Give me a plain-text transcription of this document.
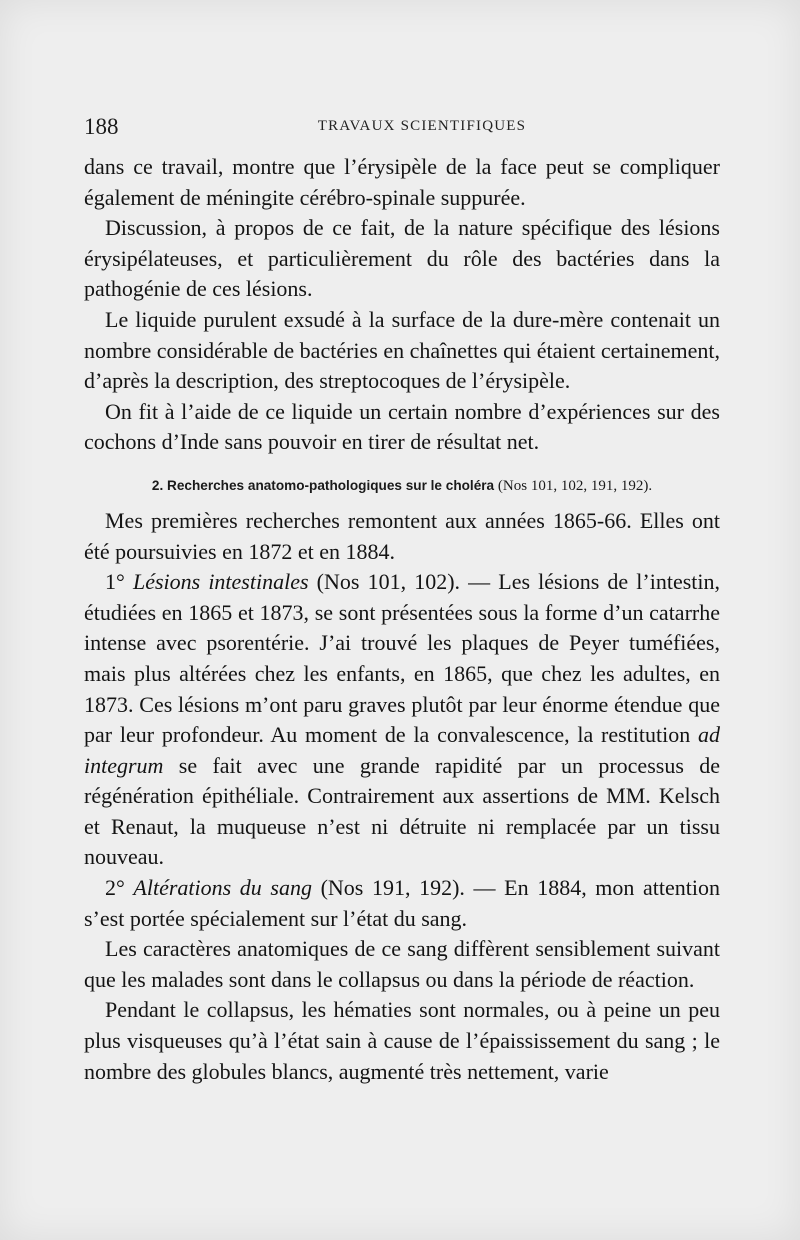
188	TRAVAUX SCIENTIFIQUES

dans ce travail, montre que l’érysipèle de la face peut se compliquer également de méningite cérébro-spinale suppurée.

Discussion, à propos de ce fait, de la nature spécifique des lésions érysipélateuses, et particulièrement du rôle des bactéries dans la pathogénie de ces lésions.

Le liquide purulent exsudé à la surface de la dure-mère contenait un nombre considérable de bactéries en chaînettes qui étaient certainement, d’après la description, des streptocoques de l’érysipèle.

On fit à l’aide de ce liquide un certain nombre d’expériences sur des cochons d’Inde sans pouvoir en tirer de résultat net.

2. Recherches anatomo-pathologiques sur le choléra (Nos 101, 102, 191, 192).

Mes premières recherches remontent aux années 1865-66. Elles ont été poursuivies en 1872 et en 1884.

1° Lésions intestinales (Nos 101, 102). — Les lésions de l’intestin, étudiées en 1865 et 1873, se sont présentées sous la forme d’un catarrhe intense avec psorentérie. J’ai trouvé les plaques de Peyer tuméfiées, mais plus altérées chez les enfants, en 1865, que chez les adultes, en 1873. Ces lésions m’ont paru graves plutôt par leur énorme étendue que par leur profondeur. Au moment de la convalescence, la restitution ad integrum se fait avec une grande rapidité par un processus de régénération épithéliale. Contrairement aux assertions de MM. Kelsch et Renaut, la muqueuse n’est ni détruite ni remplacée par un tissu nouveau.

2° Altérations du sang (Nos 191, 192). — En 1884, mon attention s’est portée spécialement sur l’état du sang.

Les caractères anatomiques de ce sang diffèrent sensiblement suivant que les malades sont dans le collapsus ou dans la période de réaction.

Pendant le collapsus, les hématies sont normales, ou à peine un peu plus visqueuses qu’à l’état sain à cause de l’épaississement du sang ; le nombre des globules blancs, augmenté très nettement, varie
